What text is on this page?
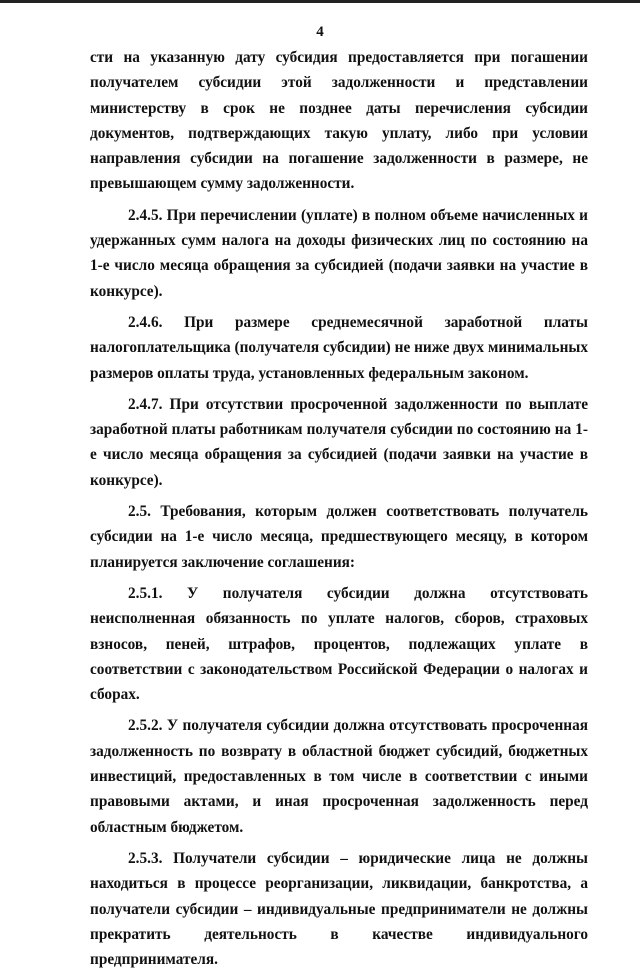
4

сти на указанную дату субсидия предоставляется при погашении получателем субсидии этой задолженности и представлении министерству в срок не позднее даты перечисления субсидии документов, подтверждающих такую уплату, либо при условии направления субсидии на погашение задолженности в размере, не превышающем сумму задолженности.

2.4.5. При перечислении (уплате) в полном объеме начисленных и удержанных сумм налога на доходы физических лиц по состоянию на 1-е число месяца обращения за субсидией (подачи заявки на участие в конкурсе).

2.4.6. При размере среднемесячной заработной платы налогоплательщика (получателя субсидии) не ниже двух минимальных размеров оплаты труда, установленных федеральным законом.

2.4.7. При отсутствии просроченной задолженности по выплате заработной платы работникам получателя субсидии по состоянию на 1-е число месяца обращения за субсидией (подачи заявки на участие в конкурсе).

2.5. Требования, которым должен соответствовать получатель субсидии на 1-е число месяца, предшествующего месяцу, в котором планируется заключение соглашения:

2.5.1. У получателя субсидии должна отсутствовать неисполненная обязанность по уплате налогов, сборов, страховых взносов, пеней, штрафов, процентов, подлежащих уплате в соответствии с законодательством Российской Федерации о налогах и сборах.

2.5.2. У получателя субсидии должна отсутствовать просроченная задолженность по возврату в областной бюджет субсидий, бюджетных инвестиций, предоставленных в том числе в соответствии с иными правовыми актами, и иная просроченная задолженность перед областным бюджетом.

2.5.3. Получатели субсидии – юридические лица не должны находиться в процессе реорганизации, ликвидации, банкротства, а получатели субсидии – индивидуальные предприниматели не должны прекратить деятельность в качестве индивидуального предпринимателя.
